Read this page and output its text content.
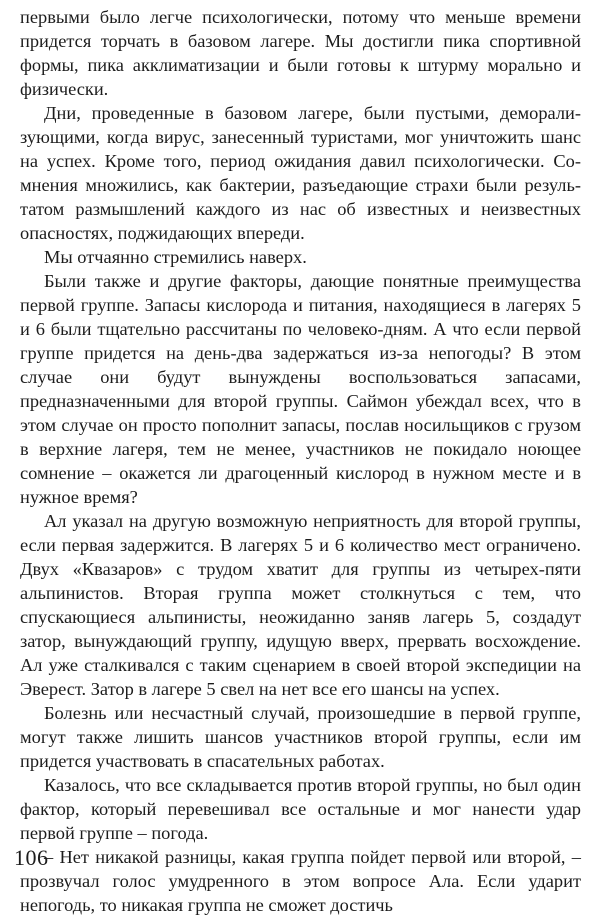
первыми было легче психологически, потому что меньше времени придется торчать в базовом лагере. Мы достигли пика спортивной формы, пика акклиматизации и были готовы к штурму морально и физически.

Дни, проведенные в базовом лагере, были пустыми, деморализующими, когда вирус, занесенный туристами, мог уничтожить шанс на успех. Кроме того, период ожидания давил психологически. Сомнения множились, как бактерии, разъедающие страхи были результатом размышлений каждого из нас об известных и неизвестных опасностях, поджидающих впереди.

Мы отчаянно стремились наверх.

Были также и другие факторы, дающие понятные преимущества первой группе. Запасы кислорода и питания, находящиеся в лагерях 5 и 6 были тщательно рассчитаны по человеко-дням. А что если первой группе придется на день-два задержаться из-за непогоды? В этом случае они будут вынуждены воспользоваться запасами, предназначенными для второй группы. Саймон убеждал всех, что в этом случае он просто пополнит запасы, послав носильщиков с грузом в верхние лагеря, тем не менее, участников не покидало ноющее сомнение – окажется ли драгоценный кислород в нужном месте и в нужное время?

Ал указал на другую возможную неприятность для второй группы, если первая задержится. В лагерях 5 и 6 количество мест ограничено. Двух «Квазаров» с трудом хватит для группы из четырех-пяти альпинистов. Вторая группа может столкнуться с тем, что спускающиеся альпинисты, неожиданно заняв лагерь 5, создадут затор, вынуждающий группу, идущую вверх, прервать восхождение. Ал уже сталкивался с таким сценарием в своей второй экспедиции на Эверест. Затор в лагере 5 свел на нет все его шансы на успех.

Болезнь или несчастный случай, произошедшие в первой группе, могут также лишить шансов участников второй группы, если им придется участвовать в спасательных работах.

Казалось, что все складывается против второй группы, но был один фактор, который перевешивал все остальные и мог нанести удар первой группе – погода.

– Нет никакой разницы, какая группа пойдет первой или второй, – прозвучал голос умудренного в этом вопросе Ала. Если ударит непогодь, то никакая группа не сможет достичь

106
